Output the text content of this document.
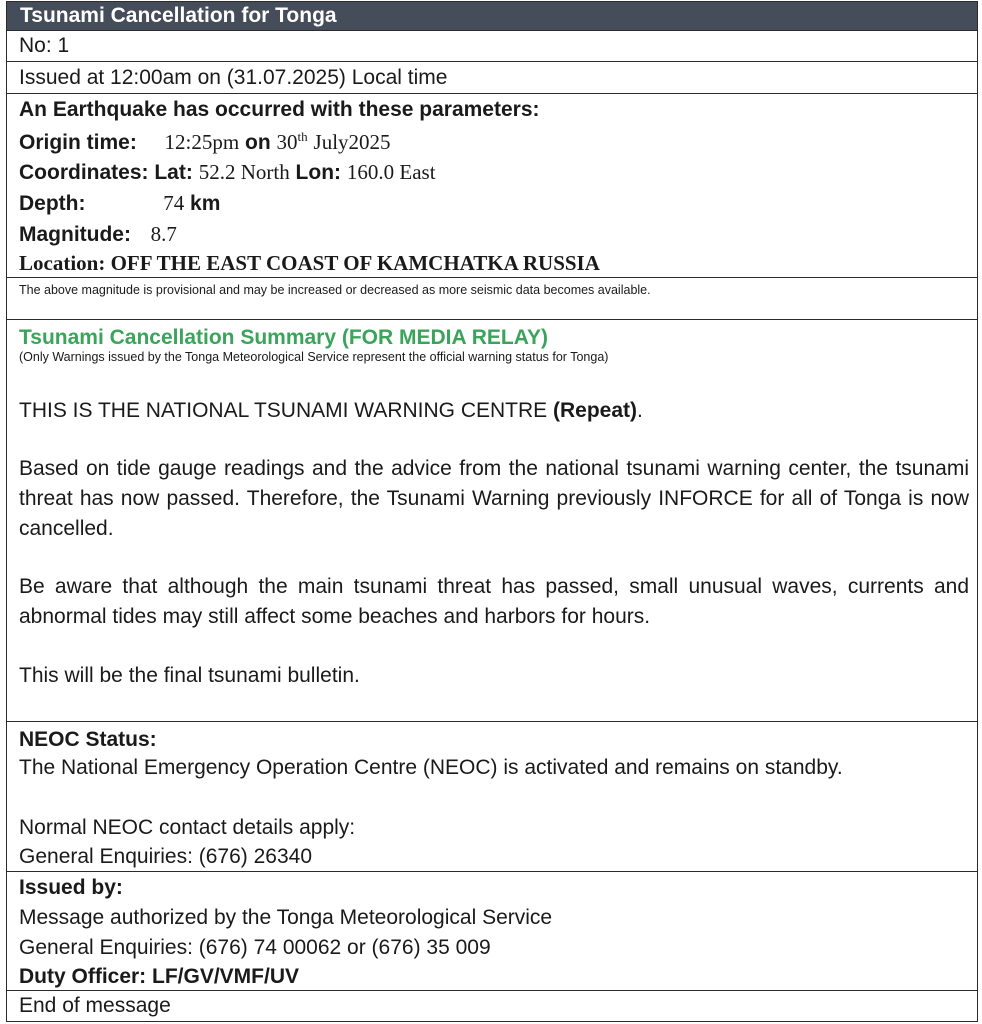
Tsunami Cancellation for Tonga
No: 1
Issued at 12:00am on (31.07.2025) Local time
An Earthquake has occurred with these parameters:
Origin time: 12:25pm on 30th July2025
Coordinates: Lat: 52.2 North Lon: 160.0 East
Depth:	74 km
Magnitude: 8.7
Location: OFF THE EAST COAST OF KAMCHATKA RUSSIA
The above magnitude is provisional and may be increased or decreased as more seismic data becomes available.
Tsunami Cancellation Summary (FOR MEDIA RELAY)
(Only Warnings issued by the Tonga Meteorological Service represent the official warning status for Tonga)
THIS IS THE NATIONAL TSUNAMI WARNING CENTRE (Repeat).
Based on tide gauge readings and the advice from the national tsunami warning center, the tsunami threat has now passed. Therefore, the Tsunami Warning previously INFORCE for all of Tonga is now cancelled.
Be aware that although the main tsunami threat has passed, small unusual waves, currents and abnormal tides may still affect some beaches and harbors for hours.
This will be the final tsunami bulletin.
NEOC Status:
The National Emergency Operation Centre (NEOC) is activated and remains on standby.
Normal NEOC contact details apply:
General Enquiries: (676) 26340
Issued by:
Message authorized by the Tonga Meteorological Service
General Enquiries: (676) 74 00062 or (676) 35 009
Duty Officer: LF/GV/VMF/UV
End of message
